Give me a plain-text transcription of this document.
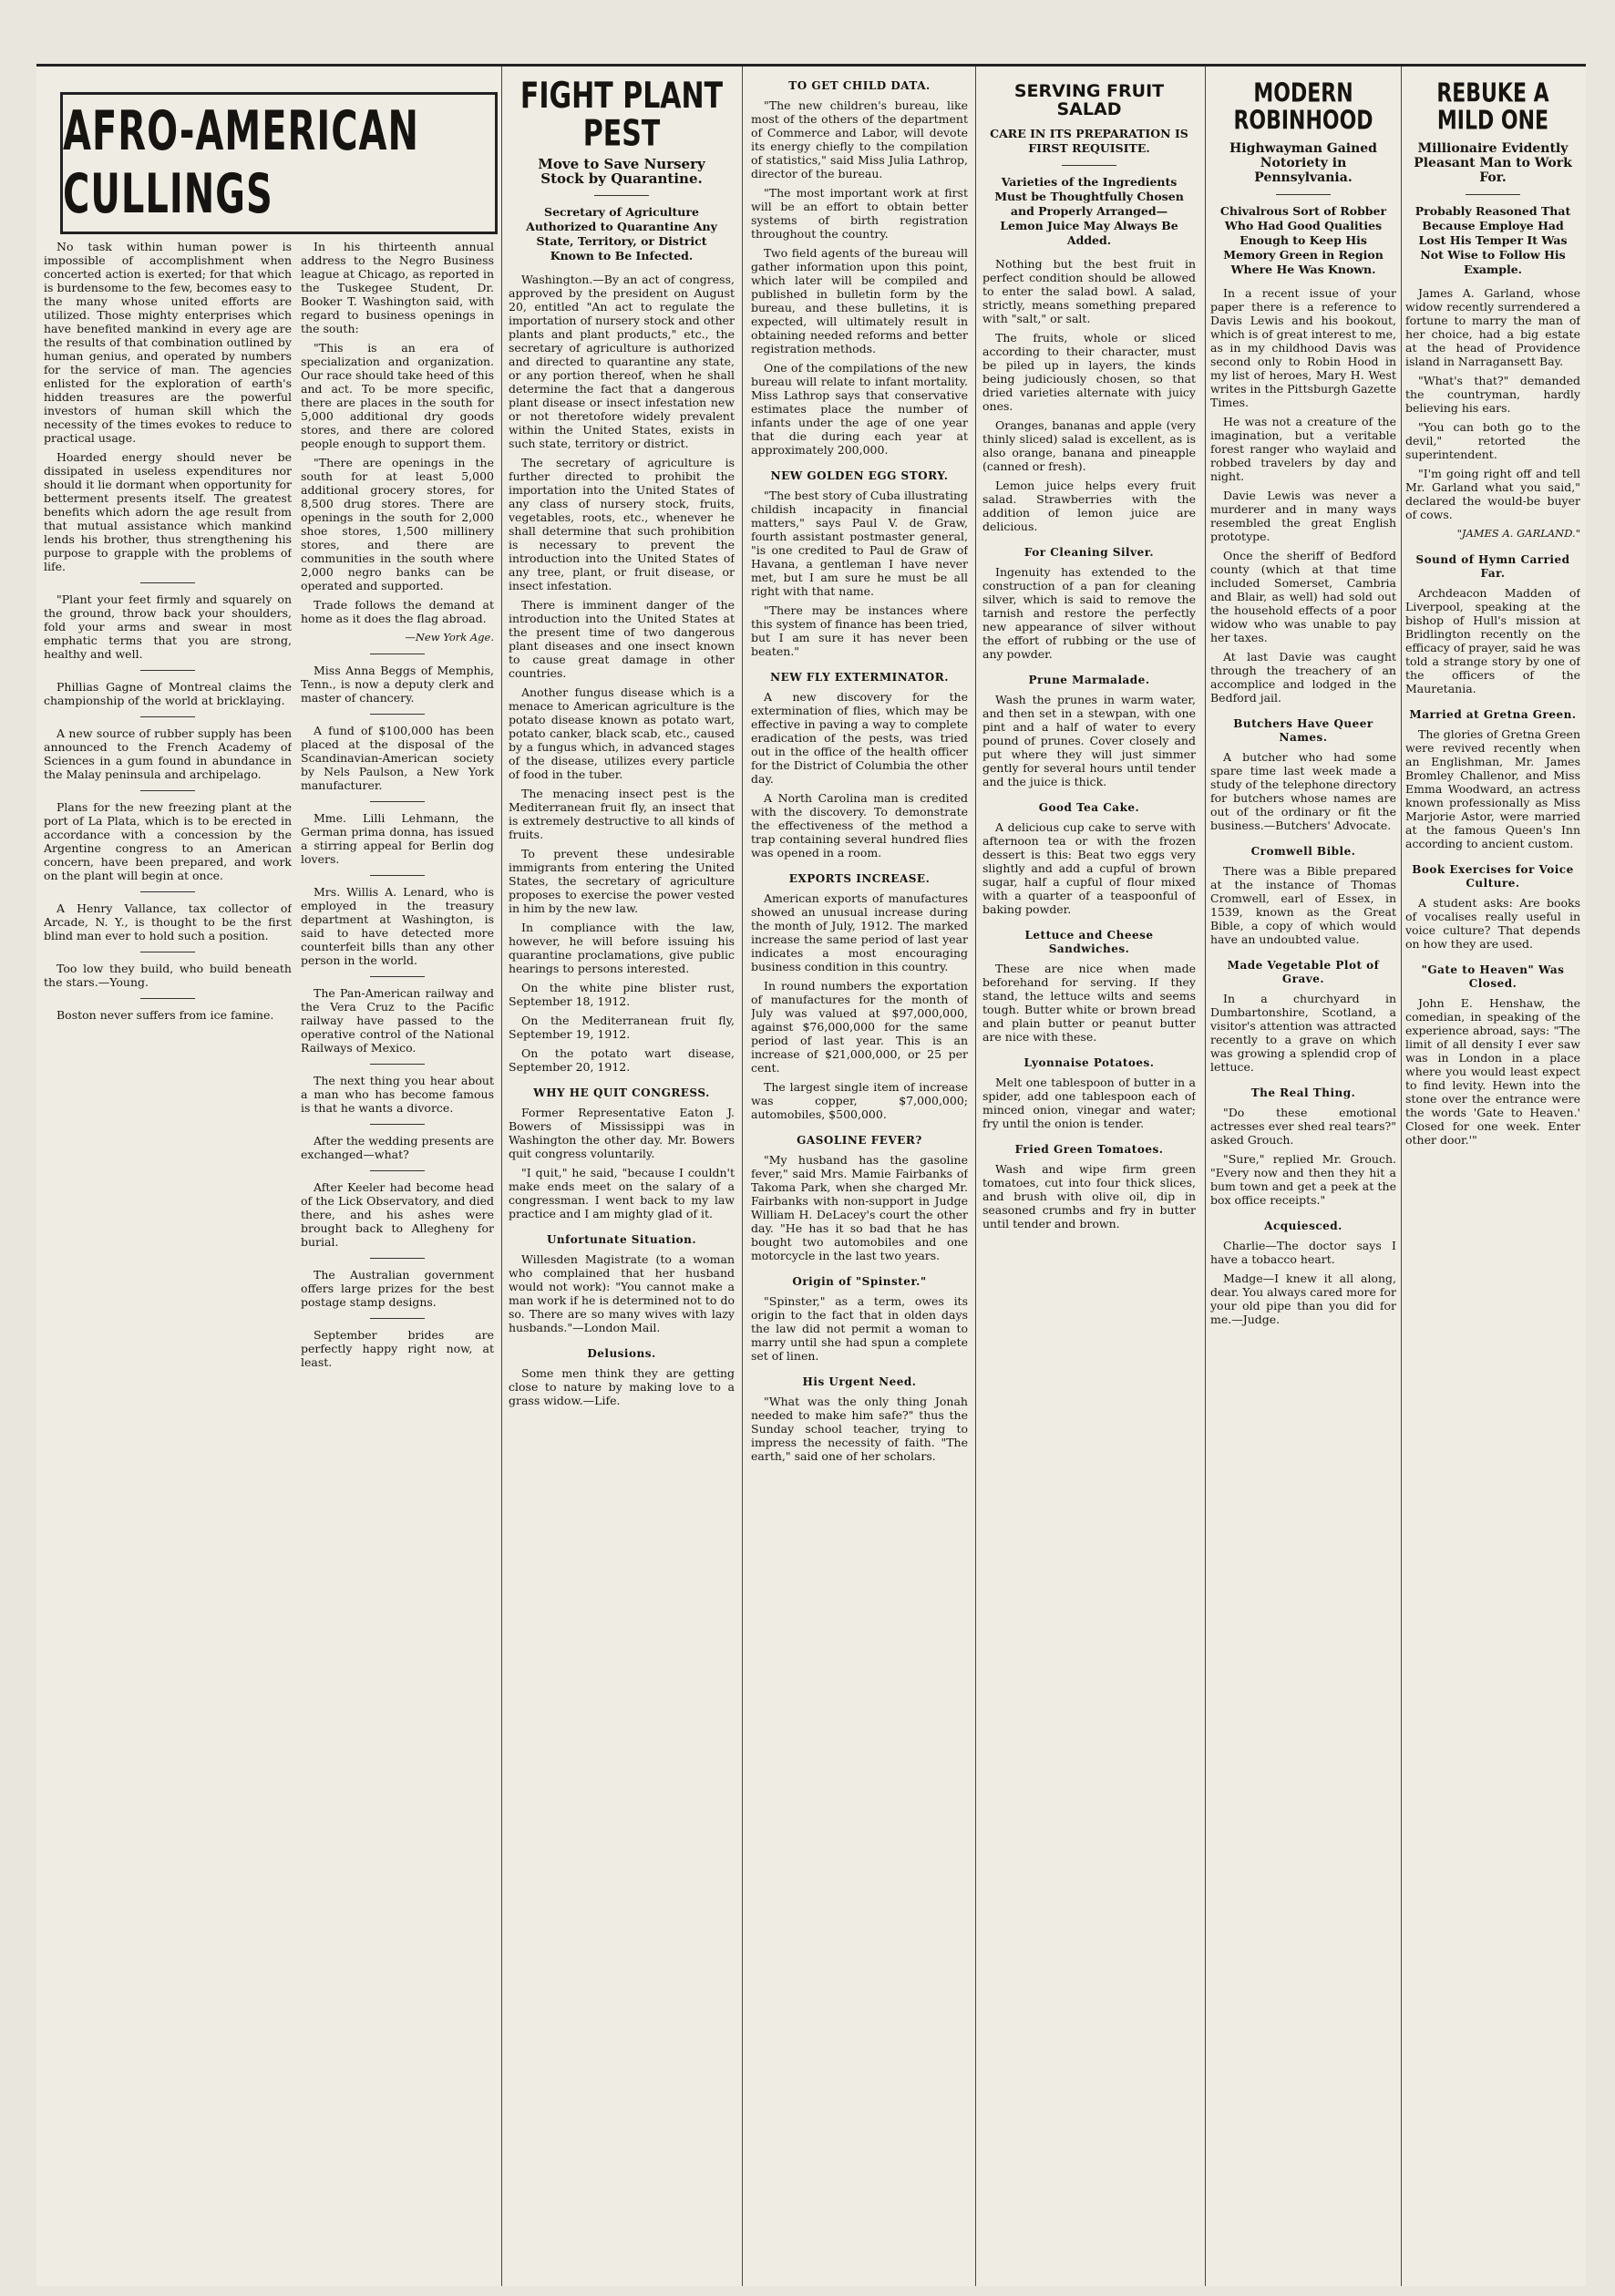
AFRO-AMERICAN CULLINGS

No task within human power is impossible of accomplishment when concerted action is exerted; for that which is burdensome to the few, becomes easy to the many whose united efforts are utilized. Those mighty enterprises which have benefited mankind in every age are the results of that combination outlined by human genius, and operated by numbers for the service of man. The agencies enlisted for the exploration of earth's hidden treasures are the powerful investors of human skill which the necessity of the times evokes to reduce to practical usage.

Hoarded energy should never be dissipated in useless expenditures nor should it lie dormant when opportunity for betterment presents itself. The greatest benefits which adorn the age result from that mutual assistance which mankind lends his brother, thus strengthening his purpose to grapple with the problems of life.

"Plant your feet firmly and squarely on the ground, throw back your shoulders, fold your arms and swear in most emphatic terms that you are strong, healthy and well.

Phillias Gagne of Montreal claims the championship of the world at bricklaying.

A new source of rubber supply has been announced to the French Academy of Sciences in a gum found in abundance in the Malay peninsula and archipelago.

Plans for the new freezing plant at the port of La Plata, which is to be erected in accordance with a concession by the Argentine congress to an American concern, have been prepared, and work on the plant will begin at once.

A Henry Vallance, tax collector of Arcade, N. Y., is thought to be the first blind man ever to hold such a position.

Too low they build, who build beneath the stars.—Young.

Boston never suffers from ice famine.

In his thirteenth annual address to the Negro Business league at Chicago, as reported in the Tuskegee Student, Dr. Booker T. Washington said, with regard to business openings in the south:

"This is an era of specialization and organization. Our race should take heed of this and act. To be more specific, there are places in the south for 5,000 additional dry goods stores, and there are colored people enough to support them.

"There are openings in the south for at least 5,000 additional grocery stores, for 8,500 drug stores. There are openings in the south for 2,000 shoe stores, 1,500 millinery stores, and there are communities in the south where 2,000 negro banks can be operated and supported.

Trade follows the demand at home as it does the flag abroad.

—New York Age.

Miss Anna Beggs of Memphis, Tenn., is now a deputy clerk and master of chancery.

A fund of $100,000 has been placed at the disposal of the Scandinavian-American society by Nels Paulson, a New York manufacturer.

Mme. Lilli Lehmann, the German prima donna, has issued a stirring appeal for Berlin dog lovers.

Mrs. Willis A. Lenard, who is employed in the treasury department at Washington, is said to have detected more counterfeit bills than any other person in the world.

The Pan-American railway and the Vera Cruz to the Pacific railway have passed to the operative control of the National Railways of Mexico.

The next thing you hear about a man who has become famous is that he wants a divorce.

After the wedding presents are exchanged—what?

After Keeler had become head of the Lick Observatory, and died there, and his ashes were brought back to Allegheny for burial.

The Australian government offers large prizes for the best postage stamp designs.

September brides are perfectly happy right now, at least.

FIGHT PLANT PEST
Move to Save Nursery Stock by Quarantine.
Secretary of Agriculture Authorized to Quarantine Any State, Territory, or District Known to Be Infected.

Washington.—By an act of congress, approved by the president on August 20, entitled "An act to regulate the importation of nursery stock and other plants and plant products," etc., the secretary of agriculture is authorized and directed to quarantine any state, or any portion thereof, when he shall determine the fact that a dangerous plant disease or insect infestation new or not theretofore widely prevalent within the United States, exists in such state, territory or district.

The secretary of agriculture is further directed to prohibit the importation into the United States of any class of nursery stock, fruits, vegetables, roots, etc., whenever he shall determine that such prohibition is necessary to prevent the introduction into the United States of any tree, plant, or fruit disease, or insect infestation.

There is imminent danger of the introduction into the United States at the present time of two dangerous plant diseases and one insect known to cause great damage in other countries.

Another fungus disease which is a menace to American agriculture is the potato disease known as potato wart, potato canker, black scab, etc., caused by a fungus which, in advanced stages of the disease, utilizes every particle of food in the tuber.

The menacing insect pest is the Mediterranean fruit fly, an insect that is extremely destructive to all kinds of fruits.

To prevent these undesirable immigrants from entering the United States, the secretary of agriculture proposes to exercise the power vested in him by the new law.

In compliance with the law, however, he will before issuing his quarantine proclamations, give public hearings to persons interested.

On the white pine blister rust, September 18, 1912.

On the Mediterranean fruit fly, September 19, 1912.

On the potato wart disease, September 20, 1912.

WHY HE QUIT CONGRESS.

Former Representative Eaton J. Bowers of Mississippi was in Washington the other day. Mr. Bowers quit congress voluntarily.

"I quit," he said, "because I couldn't make ends meet on the salary of a congressman. I went back to my law practice and I am mighty glad of it.

Unfortunate Situation.

Willesden Magistrate (to a woman who complained that her husband would not work): "You cannot make a man work if he is determined not to do so. There are so many wives with lazy husbands."—London Mail.

Delusions.

Some men think they are getting close to nature by making love to a grass widow.—Life.

TO GET CHILD DATA.

"The new children's bureau, like most of the others of the department of Commerce and Labor, will devote its energy chiefly to the compilation of statistics," said Miss Julia Lathrop, director of the bureau.

"The most important work at first will be an effort to obtain better systems of birth registration throughout the country.

Two field agents of the bureau will gather information upon this point, which later will be compiled and published in bulletin form by the bureau, and these bulletins, it is expected, will ultimately result in obtaining needed reforms and better registration methods.

One of the compilations of the new bureau will relate to infant mortality. Miss Lathrop says that conservative estimates place the number of infants under the age of one year that die during each year at approximately 200,000.

NEW GOLDEN EGG STORY.

"The best story of Cuba illustrating childish incapacity in financial matters," says Paul V. de Graw, fourth assistant postmaster general, "is one credited to Paul de Graw of Havana, a gentleman I have never met, but I am sure he must be all right with that name.

"There may be instances where this system of finance has been tried, but I am sure it has never been beaten."

NEW FLY EXTERMINATOR.

A new discovery for the extermination of flies, which may be effective in paving a way to complete eradication of the pests, was tried out in the office of the health officer for the District of Columbia the other day.

A North Carolina man is credited with the discovery. To demonstrate the effectiveness of the method a trap containing several hundred flies was opened in a room.

EXPORTS INCREASE.

American exports of manufactures showed an unusual increase during the month of July, 1912. The marked increase the same period of last year indicates a most encouraging business condition in this country.

In round numbers the exportation of manufactures for the month of July was valued at $97,000,000, against $76,000,000 for the same period of last year. This is an increase of $21,000,000, or 25 per cent.

The largest single item of increase was copper, $7,000,000; automobiles, $500,000.

GASOLINE FEVER?

"My husband has the gasoline fever," said Mrs. Mamie Fairbanks of Takoma Park, when she charged Mr. Fairbanks with non-support in Judge William H. DeLacey's court the other day. "He has it so bad that he has bought two automobiles and one motorcycle in the last two years.

Origin of "Spinster."

"Spinster," as a term, owes its origin to the fact that in olden days the law did not permit a woman to marry until she had spun a complete set of linen.

His Urgent Need.

"What was the only thing Jonah needed to make him safe?" thus the Sunday school teacher, trying to impress the necessity of faith. "The earth," said one of her scholars.

SERVING FRUIT SALAD
CARE IN ITS PREPARATION IS FIRST REQUISITE.
Varieties of the Ingredients Must be Thoughtfully Chosen and Properly Arranged—Lemon Juice May Always Be Added.

Nothing but the best fruit in perfect condition should be allowed to enter the salad bowl. A salad, strictly, means something prepared with "salt," or salt.

The fruits, whole or sliced according to their character, must be piled up in layers, the kinds being judiciously chosen, so that dried varieties alternate with juicy ones.

Oranges, bananas and apple (very thinly sliced) salad is excellent, as is also orange, banana and pineapple (canned or fresh).

Lemon juice helps every fruit salad. Strawberries with the addition of lemon juice are delicious.

For Cleaning Silver.

Ingenuity has extended to the construction of a pan for cleaning silver, which is said to remove the tarnish and restore the perfectly new appearance of silver without the effort of rubbing or the use of any powder.

Prune Marmalade.

Wash the prunes in warm water, and then set in a stewpan, with one pint and a half of water to every pound of prunes. Cover closely and put where they will just simmer gently for several hours until tender and the juice is thick.

Good Tea Cake.

A delicious cup cake to serve with afternoon tea or with the frozen dessert is this: Beat two eggs very slightly and add a cupful of brown sugar, half a cupful of flour mixed with a quarter of a teaspoonful of baking powder.

Lettuce and Cheese Sandwiches.

These are nice when made beforehand for serving. If they stand, the lettuce wilts and seems tough. Butter white or brown bread and plain butter or peanut butter are nice with these.

Lyonnaise Potatoes.

Melt one tablespoon of butter in a spider, add one tablespoon each of minced onion, vinegar and water; fry until the onion is tender.

Fried Green Tomatoes.

Wash and wipe firm green tomatoes, cut into four thick slices, and brush with olive oil, dip in seasoned crumbs and fry in butter until tender and brown.

MODERN ROBINHOOD
Highwayman Gained Notoriety in Pennsylvania.
Chivalrous Sort of Robber Who Had Good Qualities Enough to Keep His Memory Green in Region Where He Was Known.

In a recent issue of your paper there is a reference to Davis Lewis and his bookout, which is of great interest to me, as in my childhood Davis was second only to Robin Hood in my list of heroes, Mary H. West writes in the Pittsburgh Gazette Times.

He was not a creature of the imagination, but a veritable forest ranger who waylaid and robbed travelers by day and night.

Davie Lewis was never a murderer and in many ways resembled the great English prototype.

Once the sheriff of Bedford county (which at that time included Somerset, Cambria and Blair, as well) had sold out the household effects of a poor widow who was unable to pay her taxes.

At last Davie was caught through the treachery of an accomplice and lodged in the Bedford jail.

Butchers Have Queer Names.

A butcher who had some spare time last week made a study of the telephone directory for butchers whose names are out of the ordinary or fit the business.—Butchers' Advocate.

Cromwell Bible.

There was a Bible prepared at the instance of Thomas Cromwell, earl of Essex, in 1539, known as the Great Bible, a copy of which would have an undoubted value.

Made Vegetable Plot of Grave.

In a churchyard in Dumbartonshire, Scotland, a visitor's attention was attracted recently to a grave on which was growing a splendid crop of lettuce.

The Real Thing.

"Do these emotional actresses ever shed real tears?" asked Grouch.

"Sure," replied Mr. Grouch. "Every now and then they hit a bum town and get a peek at the box office receipts."

Acquiesced.

Charlie—The doctor says I have a tobacco heart.

Madge—I knew it all along, dear. You always cared more for your old pipe than you did for me.—Judge.

REBUKE A MILD ONE
Millionaire Evidently Pleasant Man to Work For.
Probably Reasoned That Because Employe Had Lost His Temper It Was Not Wise to Follow His Example.

James A. Garland, whose widow recently surrendered a fortune to marry the man of her choice, had a big estate at the head of Providence island in Narragansett Bay.

"What's that?" demanded the countryman, hardly believing his ears.

"You can both go to the devil," retorted the superintendent.

"I'm going right off and tell Mr. Garland what you said," declared the would-be buyer of cows.

"JAMES A. GARLAND."
Sound of Hymn Carried Far.

Archdeacon Madden of Liverpool, speaking at the bishop of Hull's mission at Bridlington recently on the efficacy of prayer, said he was told a strange story by one of the officers of the Mauretania.

Married at Gretna Green.

The glories of Gretna Green were revived recently when an Englishman, Mr. James Bromley Challenor, and Miss Emma Woodward, an actress known professionally as Miss Marjorie Astor, were married at the famous Queen's Inn according to ancient custom.

Book Exercises for Voice Culture.

A student asks: Are books of vocalises really useful in voice culture? That depends on how they are used.

"Gate to Heaven" Was Closed.

John E. Henshaw, the comedian, in speaking of the experience abroad, says: "The limit of all density I ever saw was in London in a place where you would least expect to find levity. Hewn into the stone over the entrance were the words 'Gate to Heaven.' Closed for one week. Enter other door.'"
